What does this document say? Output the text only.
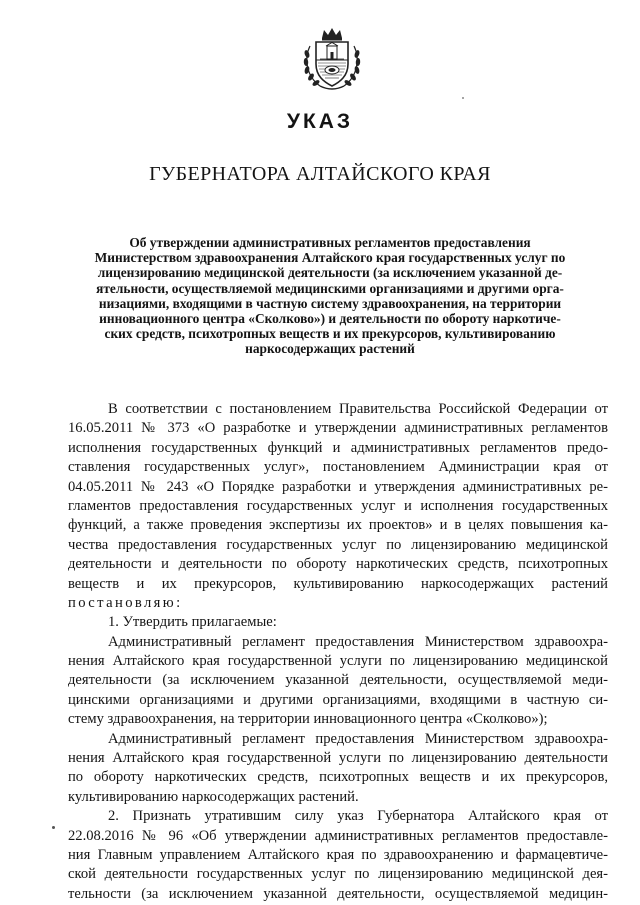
УКАЗ
ГУБЕРНАТОРА АЛТАЙСКОГО КРАЯ
Об утверждении административных регламентов предоставления
Министерством здравоохранения Алтайского края государственных услуг по
лицензированию медицинской деятельности (за исключением указанной де-
ятельности, осуществляемой медицинскими организациями и другими орга-
низациями, входящими в частную систему здравоохранения, на территории
инновационного центра «Сколково») и деятельности по обороту наркотиче-
ских средств, психотропных веществ и их прекурсоров, культивированию
наркосодержащих растений
В соответствии с постановлением Правительства Российской Федерации от
16.05.2011 № 373 «О разработке и утверждении административных регламентов
исполнения государственных функций и административных регламентов предо-
ставления государственных услуг», постановлением Администрации края от
04.05.2011 № 243 «О Порядке разработки и утверждения административных ре-
гламентов предоставления государственных услуг и исполнения государственных
функций, а также проведения экспертизы их проектов» и в целях повышения ка-
чества предоставления государственных услуг по лицензированию медицинской
деятельности и деятельности по обороту наркотических средств, психотропных
веществ и их прекурсоров, культивированию наркосодержащих растений
постановляю:
1. Утвердить прилагаемые:
Административный регламент предоставления Министерством здравоохра-
нения Алтайского края государственной услуги по лицензированию медицинской
деятельности (за исключением указанной деятельности, осуществляемой меди-
цинскими организациями и другими организациями, входящими в частную си-
стему здравоохранения, на территории инновационного центра «Сколково»);
Административный регламент предоставления Министерством здравоохра-
нения Алтайского края государственной услуги по лицензированию деятельности
по обороту наркотических средств, психотропных веществ и их прекурсоров,
культивированию наркосодержащих растений.
2. Признать утратившим силу указ Губернатора Алтайского края от
22.08.2016 № 96 «Об утверждении административных регламентов предоставле-
ния Главным управлением Алтайского края по здравоохранению и фармацевтиче-
ской деятельности государственных услуг по лицензированию медицинской дея-
тельности (за исключением указанной деятельности, осуществляемой медицин-
